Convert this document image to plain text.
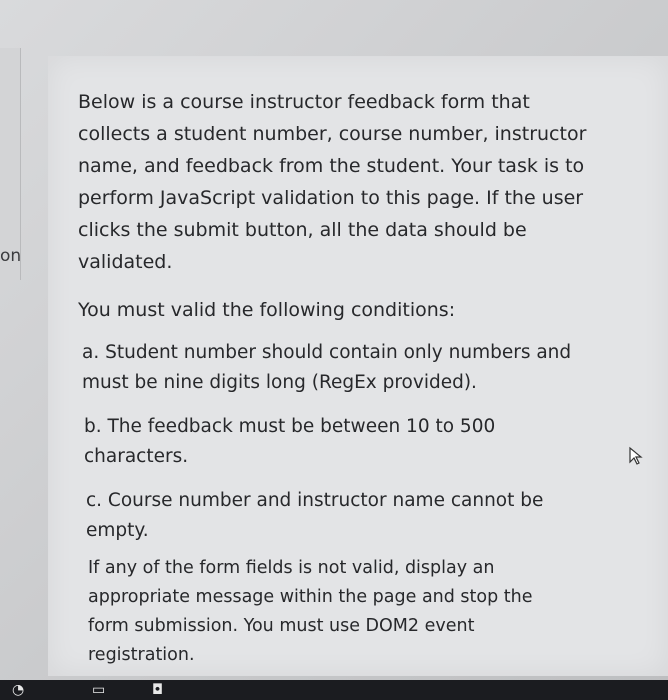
on

Below is a course instructor feedback form that
collects a student number, course number, instructor
name, and feedback from the student. Your task is to
perform JavaScript validation to this page. If the user
clicks the submit button, all the data should be
validated.

You must valid the following conditions:

a. Student number should contain only numbers and
must be nine digits long (RegEx provided).

b. The feedback must be between 10 to 500
characters.

c. Course number and instructor name cannot be
empty.

If any of the form fields is not valid, display an
appropriate message within the page and stop the
form submission. You must use DOM2 event
registration.

◔	▭	◘
